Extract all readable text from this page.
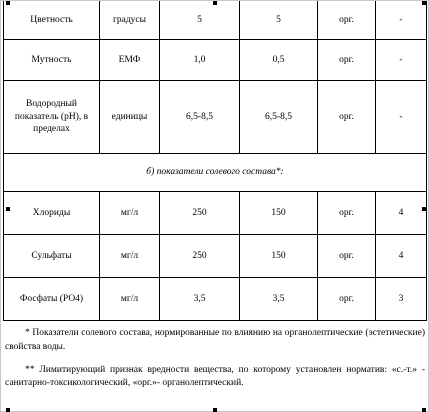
Цветность	градусы	5	5	орг.	-
Мутность	ЕМФ	1,0	0,5	орг.	-
Водородный показатель (рН), в пределах	единицы	6,5-8,5	6,5-8,5	орг.	-
б) показатели солевого состава*:					
Хлориды	мг/л	250	150	орг.	4
Сульфаты	мг/л	250	150	орг.	4
Фосфаты (РО4)	мг/л	3,5	3,5	орг.	3

* Показатели солевого состава, нормированные по влиянию на органолептические (эстетические) свойства воды.

** Лимитирующий признак вредности вещества, по которому установлен норматив: «с.-т.» - санитарно-токсикологический, «орг.»- органолептический.
